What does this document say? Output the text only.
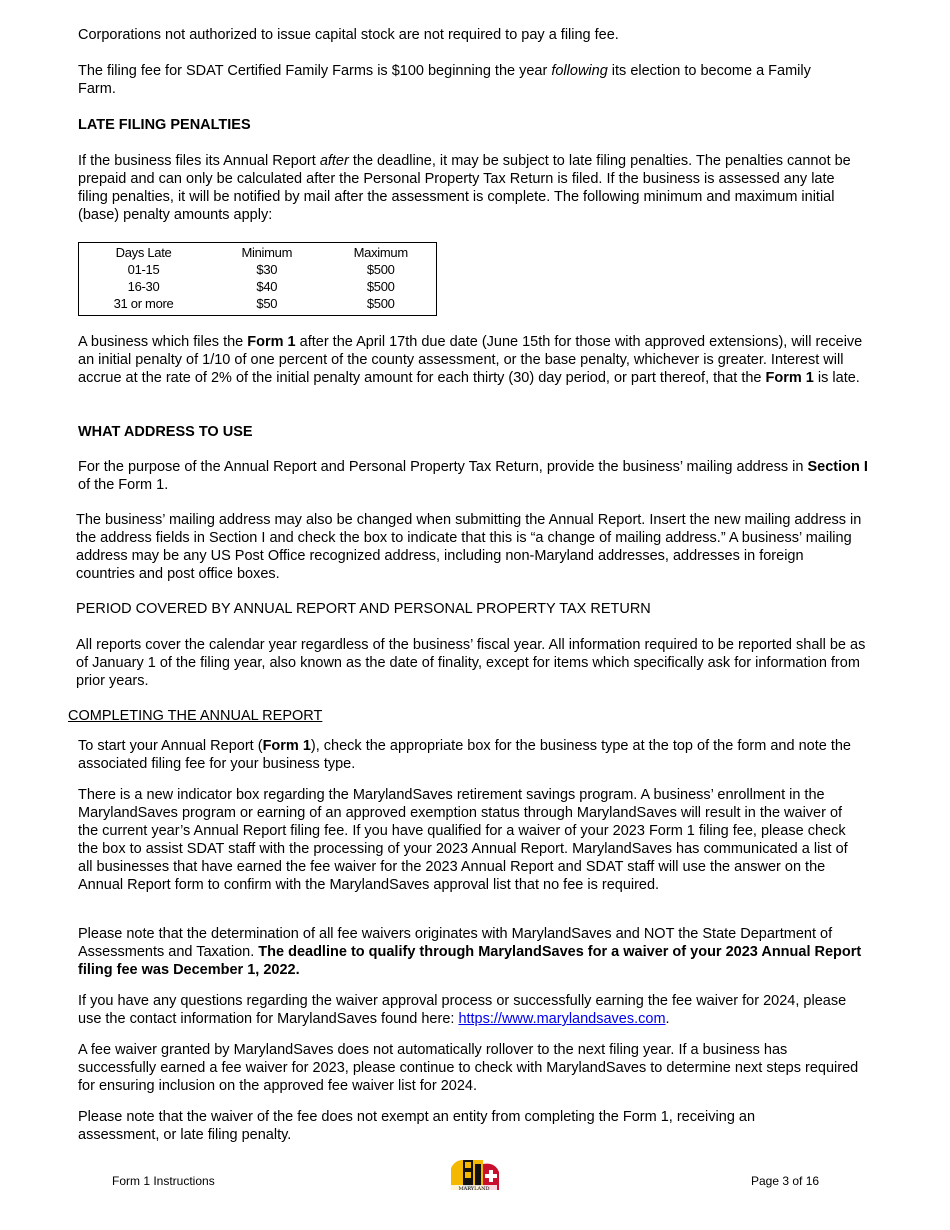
Corporations not authorized to issue capital stock are not required to pay a filing fee.

The filing fee for SDAT Certified Family Farms is $100 beginning the year following its election to become a Family Farm.

LATE FILING PENALTIES

If the business files its Annual Report after the deadline, it may be subject to late filing penalties. The penalties cannot be prepaid and can only be calculated after the Personal Property Tax Return is filed. If the business is assessed any late filing penalties, it will be notified by mail after the assessment is complete. The following minimum and maximum initial (base) penalty amounts apply:

Days Late	Minimum	Maximum
01-15	$30	$500
16-30	$40	$500
31 or more	$50	$500

A business which files the Form 1 after the April 17th due date (June 15th for those with approved extensions), will receive an initial penalty of 1/10 of one percent of the county assessment, or the base penalty, whichever is greater. Interest will accrue at the rate of 2% of the initial penalty amount for each thirty (30) day period, or part thereof, that the Form 1 is late.

WHAT ADDRESS TO USE

For the purpose of the Annual Report and Personal Property Tax Return, provide the business’ mailing address in Section I of the Form 1.

The business’ mailing address may also be changed when submitting the Annual Report. Insert the new mailing address in the address fields in Section I and check the box to indicate that this is “a change of mailing address.” A business’ mailing address may be any US Post Office recognized address, including non-Maryland addresses, addresses in foreign countries and post office boxes.

PERIOD COVERED BY ANNUAL REPORT AND PERSONAL PROPERTY TAX RETURN

All reports cover the calendar year regardless of the business’ fiscal year. All information required to be reported shall be as of January 1 of the filing year, also known as the date of finality, except for items which specifically ask for information from prior years.

COMPLETING THE ANNUAL REPORT

To start your Annual Report (Form 1), check the appropriate box for the business type at the top of the form and note the associated filing fee for your business type.

There is a new indicator box regarding the MarylandSaves retirement savings program. A business’ enrollment in the MarylandSaves program or earning of an approved exemption status through MarylandSaves will result in the waiver of the current year’s Annual Report filing fee. If you have qualified for a waiver of your 2023 Form 1 filing fee, please check the box to assist SDAT staff with the processing of your 2023 Annual Report. MarylandSaves has communicated a list of all businesses that have earned the fee waiver for the 2023 Annual Report and SDAT staff will use the answer on the Annual Report form to confirm with the MarylandSaves approval list that no fee is required.

Please note that the determination of all fee waivers originates with MarylandSaves and NOT the State Department of Assessments and Taxation. The deadline to qualify through MarylandSaves for a waiver of your 2023 Annual Report filing fee was December 1, 2022.

If you have any questions regarding the waiver approval process or successfully earning the fee waiver for 2024, please use the contact information for MarylandSaves found here: https://www.marylandsaves.com.

A fee waiver granted by MarylandSaves does not automatically rollover to the next filing year. If a business has successfully earned a fee waiver for 2023, please continue to check with MarylandSaves to determine next steps required for ensuring inclusion on the approved fee waiver list for 2024.

Please note that the waiver of the fee does not exempt an entity from completing the Form 1, receiving an assessment, or late filing penalty.

Form 1 Instructions
MARYLAND
Page 3 of 16
